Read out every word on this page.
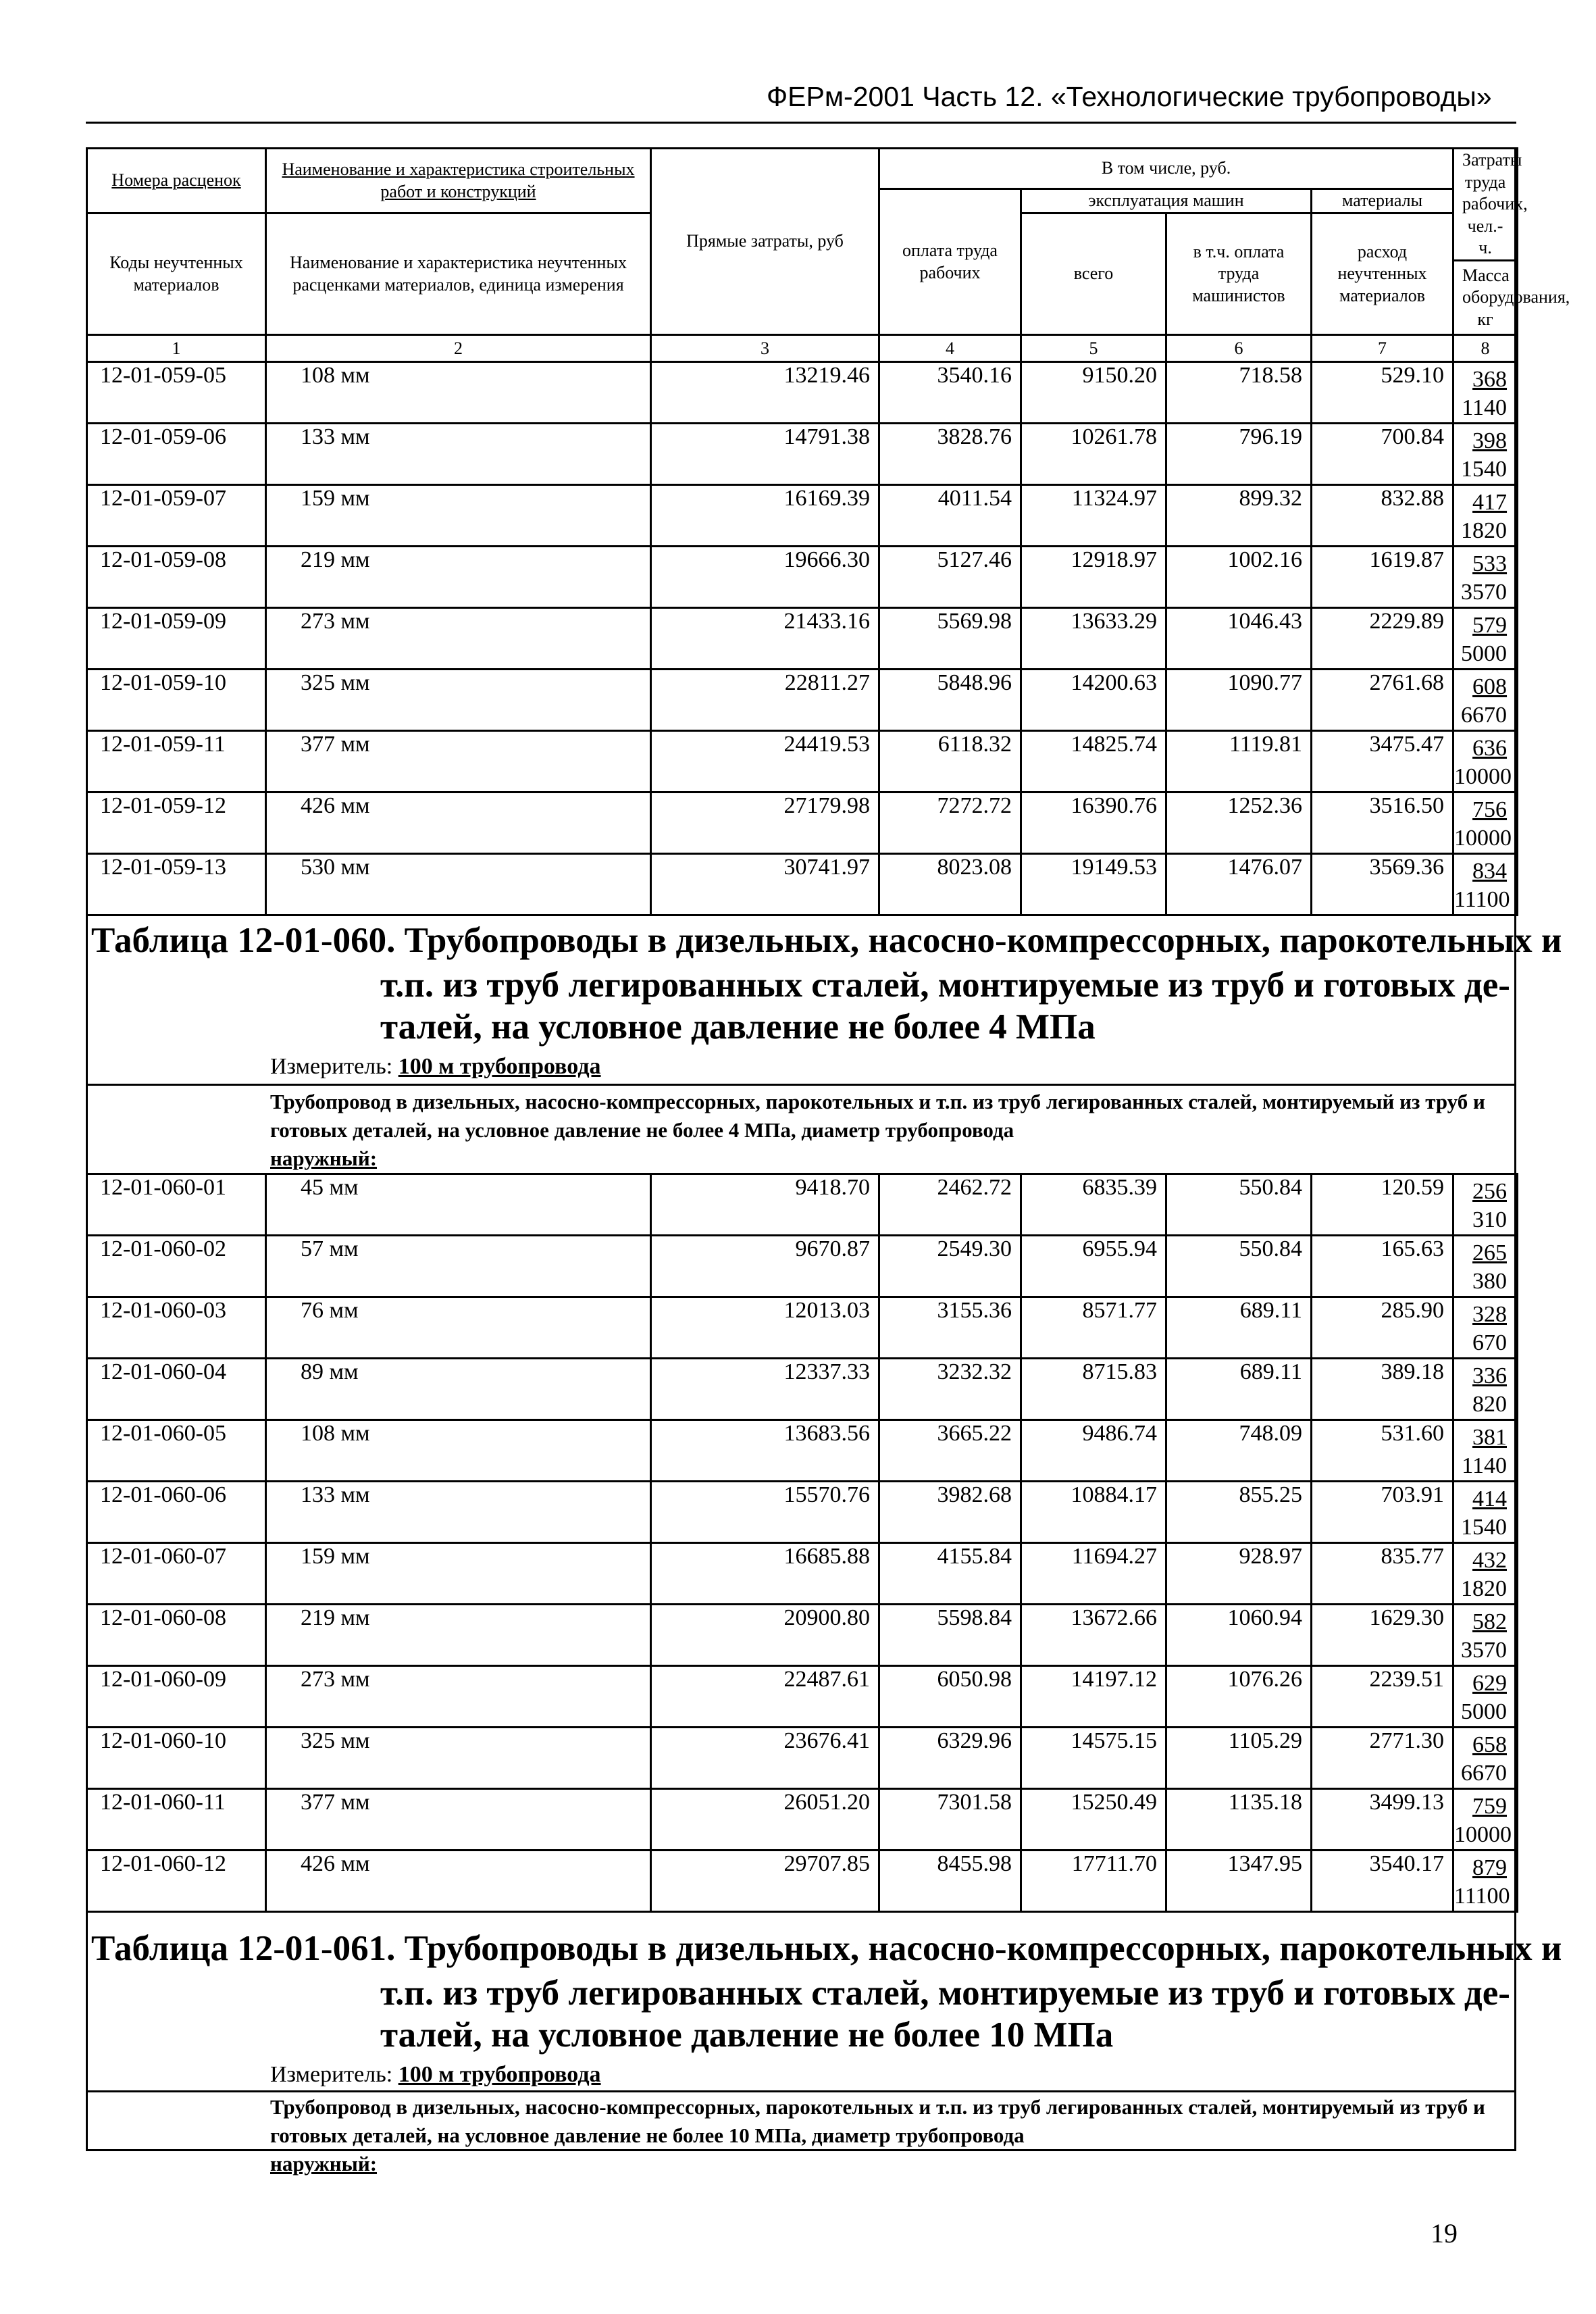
ФЕРм-2001 Часть 12. «Технологические трубопроводы»
Номера расценок	Наименование и характеристика строительных работ и конструкций	Прямые затраты, руб	В том числе, руб.				Затраты труда рабочих, чел.-ч.
			оплата труда рабочих	эксплуатация машин		материалы	
Коды неучтенных материалов	Наименование и характеристика неучтенных расценками материалов, единица измерения			всего	в т.ч. оплата труда машинистов	расход неучтенных материалов	
							Масса оборудования, кг
1	2	3	4	5	6	7	8
12-01-059-05	108 мм	13219.46	3540.16	9150.20	718.58	529.10	368
1140

12-01-059-06	133 мм	14791.38	3828.76	10261.78	796.19	700.84	398
1540

12-01-059-07	159 мм	16169.39	4011.54	11324.97	899.32	832.88	417
1820

12-01-059-08	219 мм	19666.30	5127.46	12918.97	1002.16	1619.87	533
3570

12-01-059-09	273 мм	21433.16	5569.98	13633.29	1046.43	2229.89	579
5000

12-01-059-10	325 мм	22811.27	5848.96	14200.63	1090.77	2761.68	608
6670

12-01-059-11	377 мм	24419.53	6118.32	14825.74	1119.81	3475.47	636
10000

12-01-059-12	426 мм	27179.98	7272.72	16390.76	1252.36	3516.50	756
10000

12-01-059-13	530 мм	30741.97	8023.08	19149.53	1476.07	3569.36	834
11100
Таблица 12-01-060. Трубопроводы в дизельных, насосно-компрессорных, парокотельных и
т.п. из труб легированных сталей, монтируемые из труб и готовых де-
талей, на условное давление не более 4 МПа
Измеритель: 100 м трубопровода
Трубопровод в дизельных, насосно-компрессорных, парокотельных и т.п. из труб легированных сталей, монтируемый из труб и готовых деталей, на условное давление не более 4 МПа, диаметр трубопровода
наружный:
12-01-060-01	45 мм	9418.70	2462.72	6835.39	550.84	120.59	256
310

12-01-060-02	57 мм	9670.87	2549.30	6955.94	550.84	165.63	265
380

12-01-060-03	76 мм	12013.03	3155.36	8571.77	689.11	285.90	328
670

12-01-060-04	89 мм	12337.33	3232.32	8715.83	689.11	389.18	336
820

12-01-060-05	108 мм	13683.56	3665.22	9486.74	748.09	531.60	381
1140

12-01-060-06	133 мм	15570.76	3982.68	10884.17	855.25	703.91	414
1540

12-01-060-07	159 мм	16685.88	4155.84	11694.27	928.97	835.77	432
1820

12-01-060-08	219 мм	20900.80	5598.84	13672.66	1060.94	1629.30	582
3570

12-01-060-09	273 мм	22487.61	6050.98	14197.12	1076.26	2239.51	629
5000

12-01-060-10	325 мм	23676.41	6329.96	14575.15	1105.29	2771.30	658
6670

12-01-060-11	377 мм	26051.20	7301.58	15250.49	1135.18	3499.13	759
10000

12-01-060-12	426 мм	29707.85	8455.98	17711.70	1347.95	3540.17	879
11100
Таблица 12-01-061. Трубопроводы в дизельных, насосно-компрессорных, парокотельных и
т.п. из труб легированных сталей, монтируемые из труб и готовых де-
талей, на условное давление не более 10 МПа
Измеритель: 100 м трубопровода
Трубопровод в дизельных, насосно-компрессорных, парокотельных и т.п. из труб легированных сталей, монтируемый из труб и готовых деталей, на условное давление не более 10 МПа, диаметр трубопровода
наружный:
19
